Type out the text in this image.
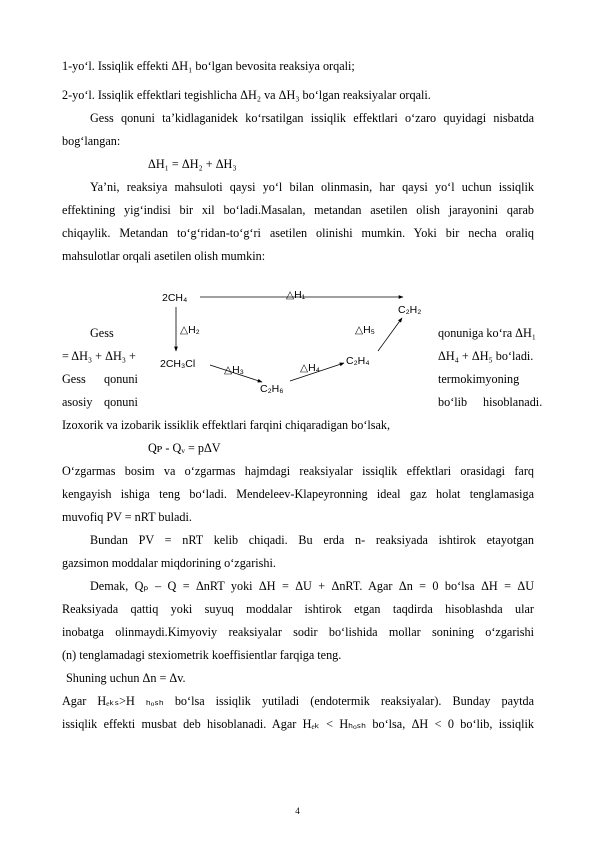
1-yoʻl. Issiqlik effekti ΔH₁ boʻlgan bevosita reaksiya orqali;
2-yoʻl. Issiqlik effektlari tegishlicha ΔH₂ va ΔH₃ boʻlgan reaksiyalar orqali.
Gess qonuni taʼkidlaganidek koʻrsatilgan issiqlik effektlari oʻzaro quyidagi nisbatda
bogʻlangan:
ΔH₁ = ΔH₂ + ΔH₃
Yaʼni, reaksiya mahsuloti qaysi yoʻl bilan olinmasin, har qaysi yoʻl uchun issiqlik
effektining yigʻindisi bir xil boʻladi.Masalan, metandan asetilen olish jarayonini qarab
chiqaylik. Metandan toʻgʻridan-toʻgʻri asetilen olinishi mumkin. Yoki bir necha oraliq
mahsulotlar orqali asetilen olish mumkin:
Gess
= ΔH₃ + ΔH₃ +
Gess qonuni
asosiy qonuni
qonuniga koʻra ΔH₁
ΔH₄ + ΔH₅ boʻladi.
termokimyoning
boʻlib hisoblanadi.
2CH₄	△H₁
C₂H₂
△H₂	△H₅
2CH₃Cl	△H₃	△H₄
C₂H₄
C₂H₆
Izoxorik va izobarik issiklik effektlari farqini chiqaradigan boʻlsak,
Qᴘ - Qᵥ = pΔV
Oʻzgarmas bosim va oʻzgarmas hajmdagi reaksiyalar issiqlik effektlari orasidagi farq
kengayish ishiga teng boʻladi. Mendeleev-Klapeyronning ideal gaz holat tenglamasiga
muvofiq PV = nRT buladi.
Bundan PV = nRT kelib chiqadi. Bu erda n- reaksiyada ishtirok etayotgan
gazsimon moddalar miqdorining oʻzgarishi.
Demak, Qₚ – Q = ΔnRT yoki ΔH = ΔU + ΔnRT. Agar Δn = 0 boʻlsa ΔH = ΔU
Reaksiyada qattiq yoki suyuq moddalar ishtirok etgan taqdirda hisoblashda ular
inobatga olinmaydi.Kimyoviy reaksiyalar sodir boʻlishida mollar sonining oʻzgarishi
(n) tenglamadagi stexiometrik koeffisientlar farqiga teng.
Shuning uchun Δn = Δv.
Agar Hₑₖₛ>H ₕₒₛₕ boʻlsa issiqlik yutiladi (endotermik reaksiyalar). Bunday paytda
issiqlik effekti musbat deb hisoblanadi. Agar Hₑₖ < Hₕₒₛₕ boʻlsa, ΔH < 0 boʻlib, issiqlik
4
